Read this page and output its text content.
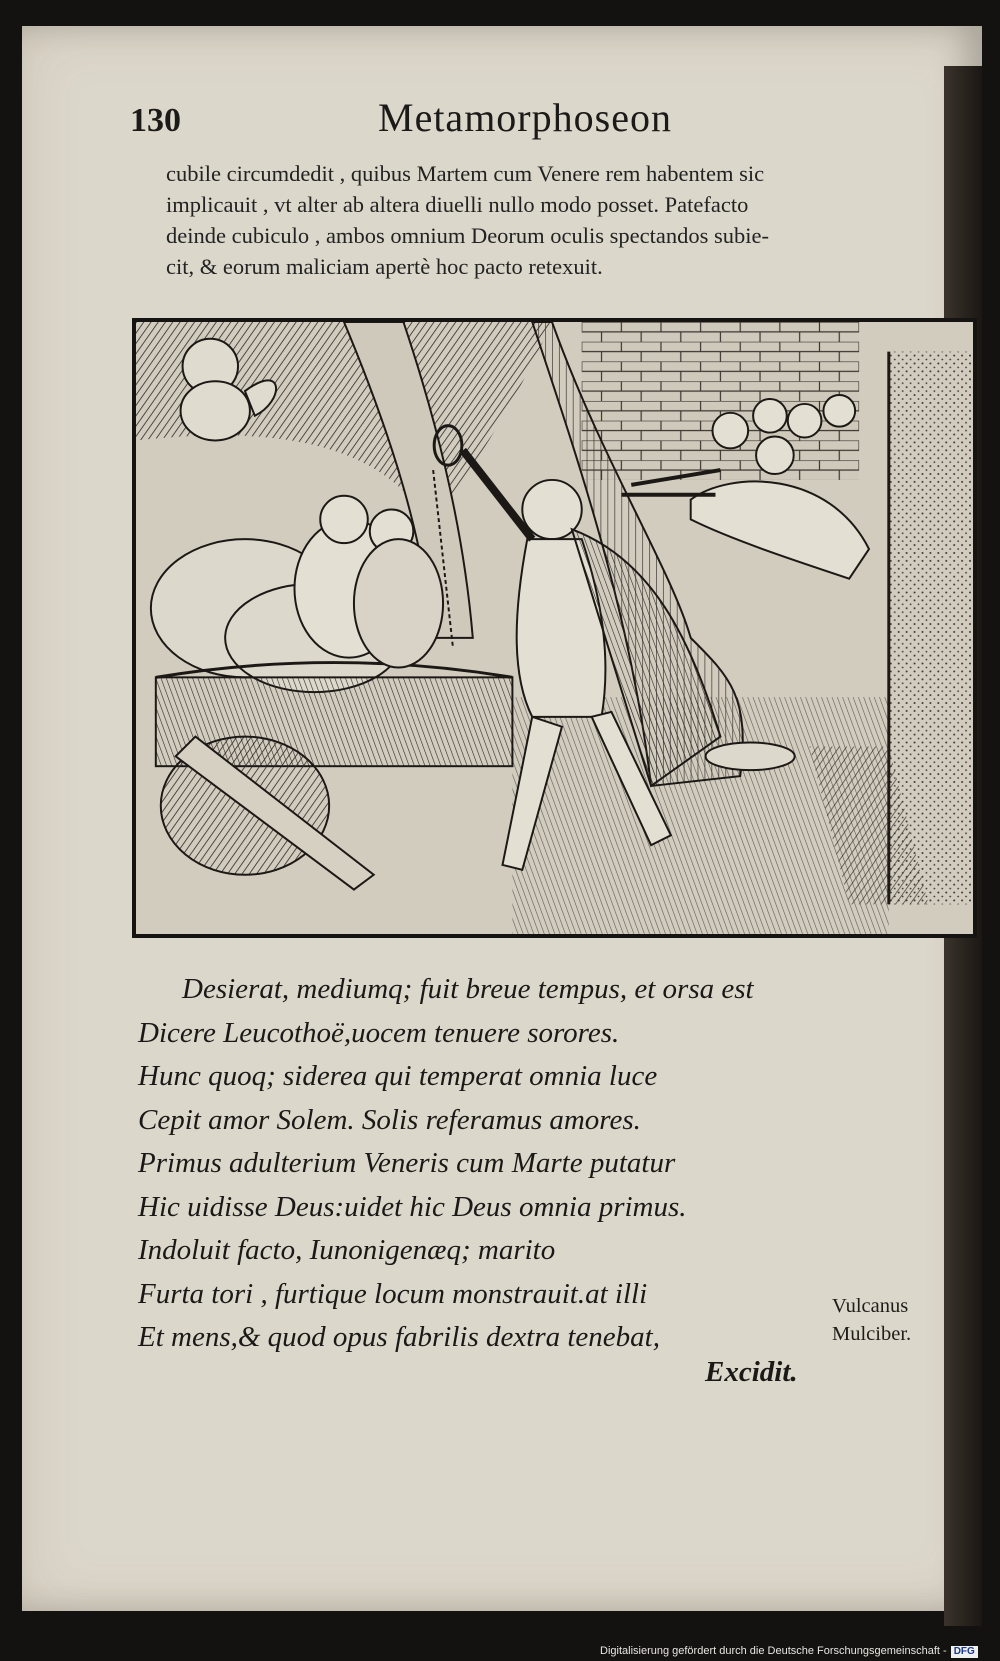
130	Metamorphoseon
cubile circumdedit , quibus Martem cum Venere rem habentem sic
implicauit , vt alter ab altera diuelli nullo modo posset. Patefacto
deinde cubiculo , ambos omnium Deorum oculis spectandos subie-
cit, & eorum maliciam apertè hoc pacto retexuit.
Desierat, mediumq; fuit breue tempus, et orsa est
Dicere Leucothoë,uocem tenuere sorores.
Hunc quoq; siderea qui temperat omnia luce
Cepit amor Solem. Solis referamus amores.
Primus adulterium Veneris cum Marte putatur
Hic uidisse Deus:uidet hic Deus omnia primus.
Indoluit facto, Iunonigenæq; marito
Furta tori , furtique locum monstrauit.at illi
Et mens,& quod opus fabrilis dextra tenebat,
Excidit.
Vulcanus
Mulciber.
Digitalisierung gefördert durch die Deutsche Forschungsgemeinschaft - DFG
